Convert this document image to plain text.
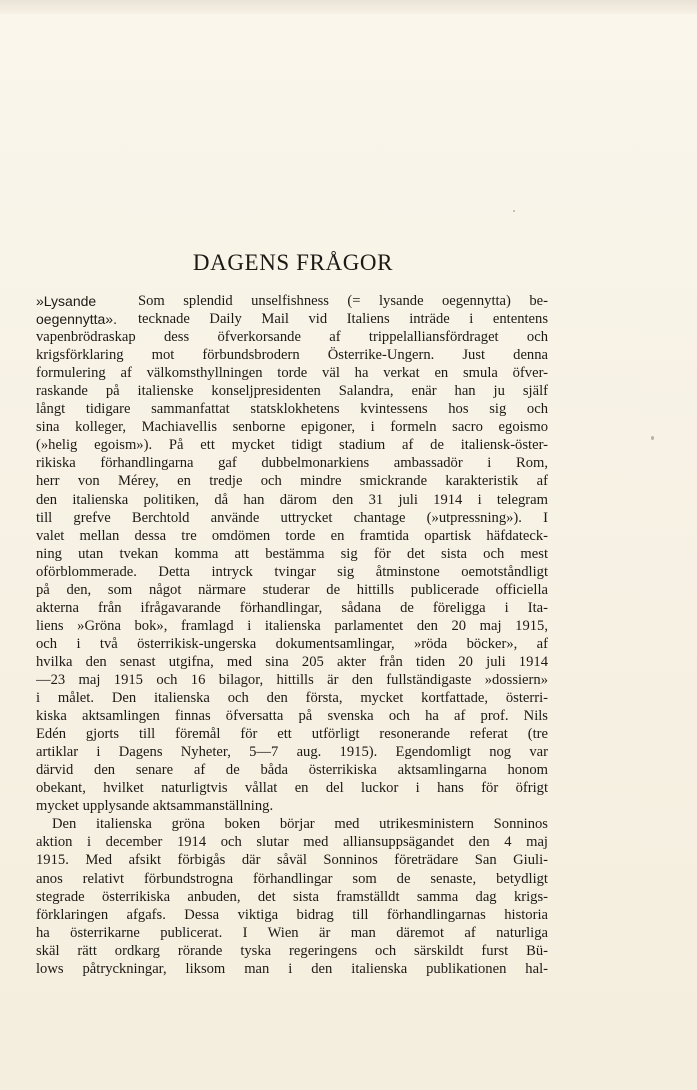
DAGENS FRÅGOR
»Lysande
oegennytta».
Som splendid unselfishness (= lysande oegennytta) be-
tecknade Daily Mail vid Italiens inträde i ententens
vapenbrödraskap dess öfverkorsande af trippelalliansfördraget och
krigsförklaring mot förbundsbrodern Österrike-Ungern. Just denna
formulering af välkomsthyllningen torde väl ha verkat en smula öfver-
raskande på italienske konseljpresidenten Salandra, enär han ju själf
långt tidigare sammanfattat statsklokhetens kvintessens hos sig och
sina kolleger, Machiavellis senborne epigoner, i formeln sacro egoismo
(»helig egoism»). På ett mycket tidigt stadium af de italiensk-öster-
rikiska förhandlingarna gaf dubbelmonarkiens ambassadör i Rom,
herr von Mérey, en tredje och mindre smickrande karakteristik af
den italienska politiken, då han därom den 31 juli 1914 i telegram
till grefve Berchtold använde uttrycket chantage (»utpressning»). I
valet mellan dessa tre omdömen torde en framtida opartisk häfdateck-
ning utan tvekan komma att bestämma sig för det sista och mest
oförblommerade. Detta intryck tvingar sig åtminstone oemotståndligt
på den, som något närmare studerar de hittills publicerade officiella
akterna från ifrågavarande förhandlingar, sådana de föreligga i Ita-
liens »Gröna bok», framlagd i italienska parlamentet den 20 maj 1915,
och i två österrikisk-ungerska dokumentsamlingar, »röda böcker», af
hvilka den senast utgifna, med sina 205 akter från tiden 20 juli 1914
—23 maj 1915 och 16 bilagor, hittills är den fullständigaste »dossiern»
i målet. Den italienska och den första, mycket kortfattade, österri-
kiska aktsamlingen finnas öfversatta på svenska och ha af prof. Nils
Edén gjorts till föremål för ett utförligt resonerande referat (tre
artiklar i Dagens Nyheter, 5—7 aug. 1915). Egendomligt nog var
därvid den senare af de båda österrikiska aktsamlingarna honom
obekant, hvilket naturligtvis vållat en del luckor i hans för öfrigt
mycket upplysande aktsammanställning.
Den italienska gröna boken börjar med utrikesministern Sonninos
aktion i december 1914 och slutar med alliansuppsägandet den 4 maj
1915. Med afsikt förbigås där såväl Sonninos företrädare San Giuli-
anos relativt förbundstrogna förhandlingar som de senaste, betydligt
stegrade österrikiska anbuden, det sista framställdt samma dag krigs-
förklaringen afgafs. Dessa viktiga bidrag till förhandlingarnas historia
ha österrikarne publicerat. I Wien är man däremot af naturliga
skäl rätt ordkarg rörande tyska regeringens och särskildt furst Bü-
lows påtryckningar, liksom man i den italienska publikationen hal-
